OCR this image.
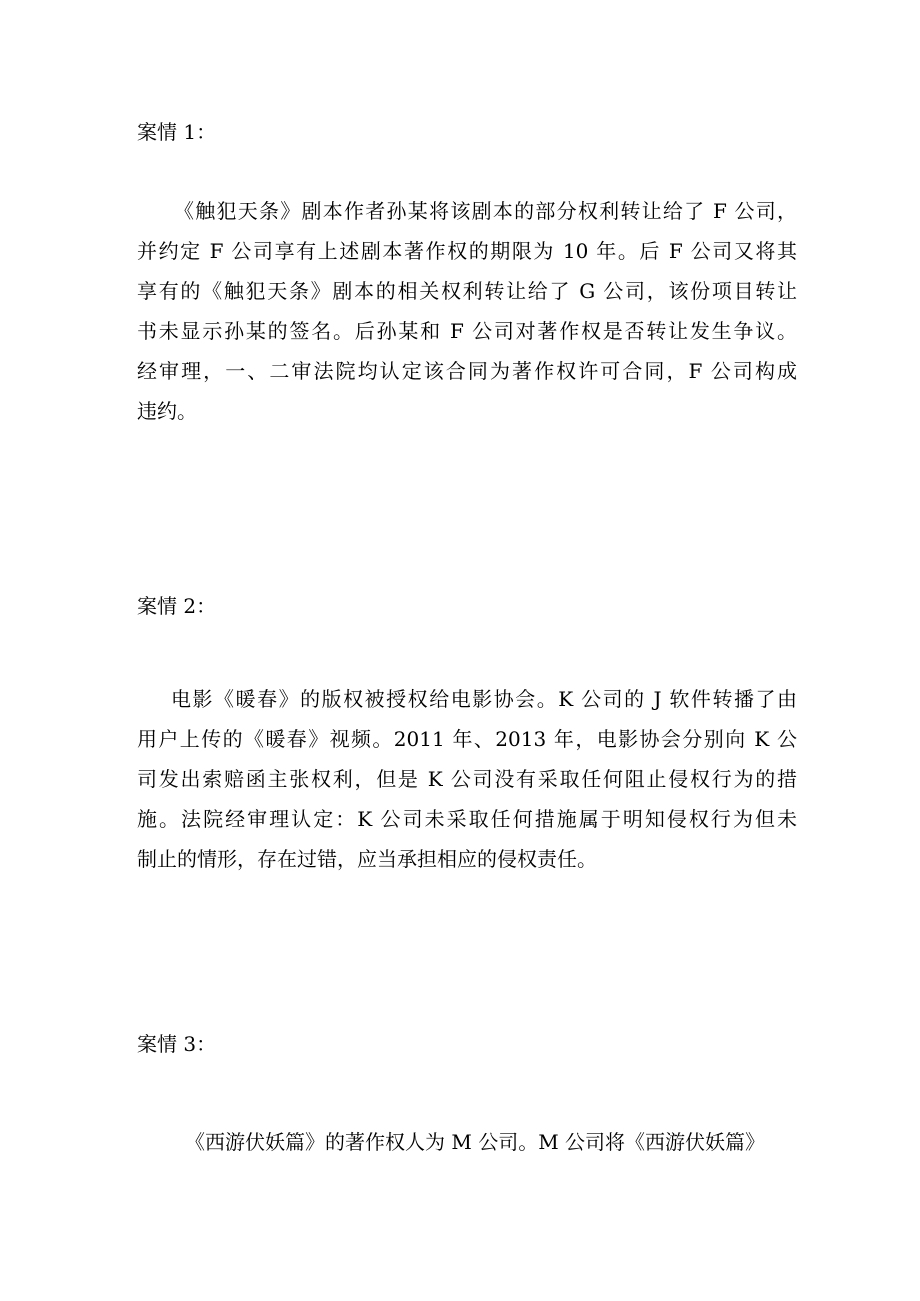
案情 1：
《触犯天条》剧本作者孙某将该剧本的部分权利转让给了 F 公司，
并约定 F 公司享有上述剧本著作权的期限为 10 年。后 F 公司又将其
享有的《触犯天条》剧本的相关权利转让给了 G 公司，该份项目转让
书未显示孙某的签名。后孙某和 F 公司对著作权是否转让发生争议。
经审理，一、二审法院均认定该合同为著作权许可合同，F 公司构成
违约。
案情 2：
电影《暖春》的版权被授权给电影协会。K 公司的 J 软件转播了由
用户上传的《暖春》视频。2011 年、2013 年，电影协会分别向 K 公
司发出索赔函主张权利，但是 K 公司没有采取任何阻止侵权行为的措
施。法院经审理认定：K 公司未采取任何措施属于明知侵权行为但未
制止的情形，存在过错，应当承担相应的侵权责任。
案情 3：
《西游伏妖篇》的著作权人为 M 公司。M 公司将《西游伏妖篇》
